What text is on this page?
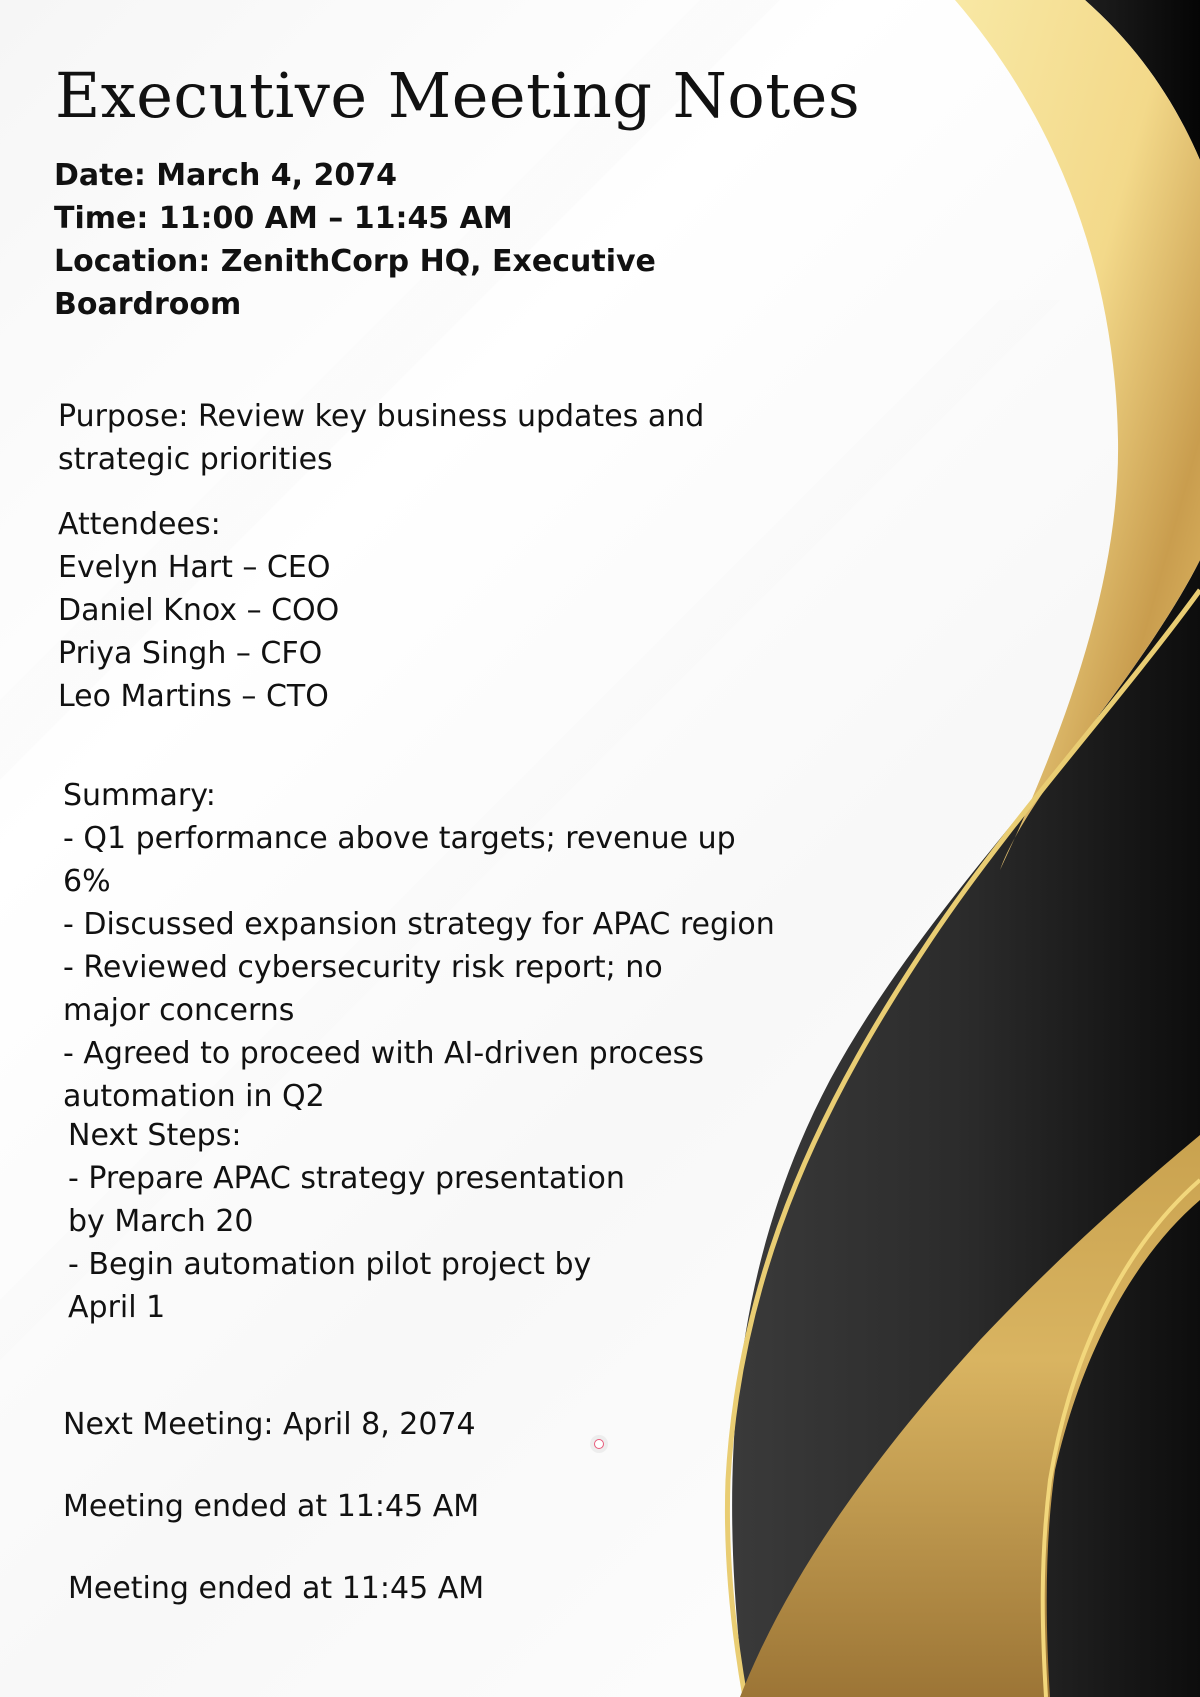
Executive Meeting Notes
Date: March 4, 2074
Time: 11:00 AM – 11:45 AM
Location: ZenithCorp HQ, Executive Boardroom
Purpose: Review key business updates and strategic priorities
Attendees:
Evelyn Hart – CEO
Daniel Knox – COO
Priya Singh – CFO
Leo Martins – CTO
Summary:
- Q1 performance above targets; revenue up 6%
- Discussed expansion strategy for APAC region
- Reviewed cybersecurity risk report; no major concerns
- Agreed to proceed with AI-driven process automation in Q2
Next Steps:
- Prepare APAC strategy presentation by March 20
- Begin automation pilot project by April 1
Next Meeting: April 8, 2074
Meeting ended at 11:45 AM
Meeting ended at 11:45 AM
